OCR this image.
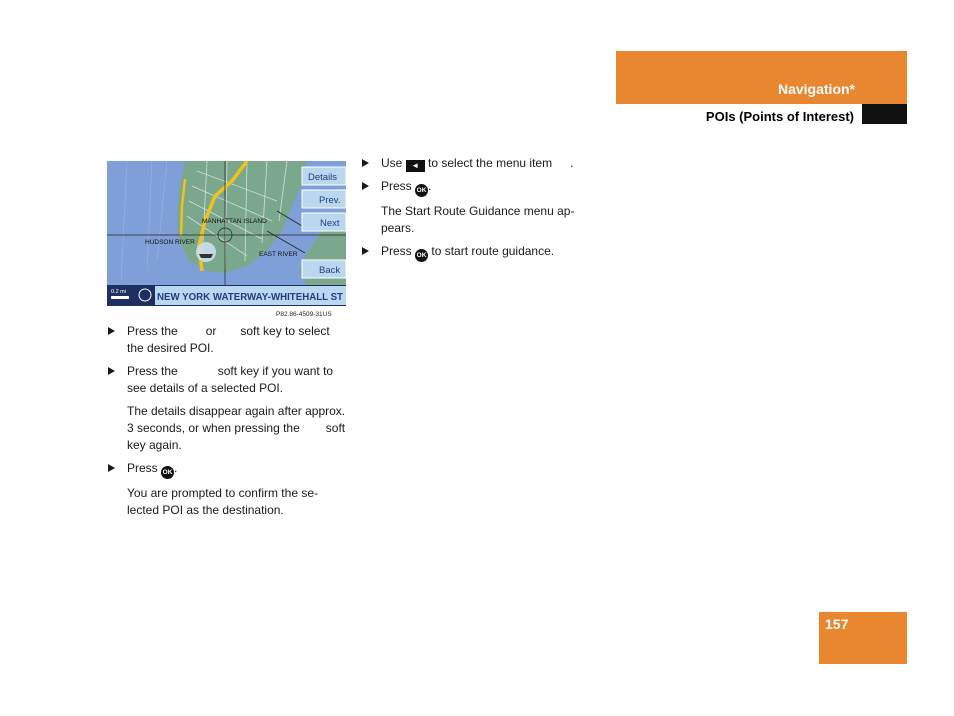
Navigation*
POIs (Points of Interest)
MANHATTAN ISLAND
HUDSON RIVER
EAST RIVER
Details
Prev.
Next
Back
0.2 mi	NEW YORK WATERWAY-WHITEHALL ST
P82.86-4509-31US
Press the or soft key to select the desired POI.
Press the	soft key if you want to see details of a selected POI.

The details disappear again after approx. 3 seconds, or when pressing the soft key again.

Press OK .

You are prompted to confirm the se-lected POI as the destination.

Use ◄ to select the menu item .
Press OK .

The Start Route Guidance menu ap-pears.

Press OK to start route guidance.
157
